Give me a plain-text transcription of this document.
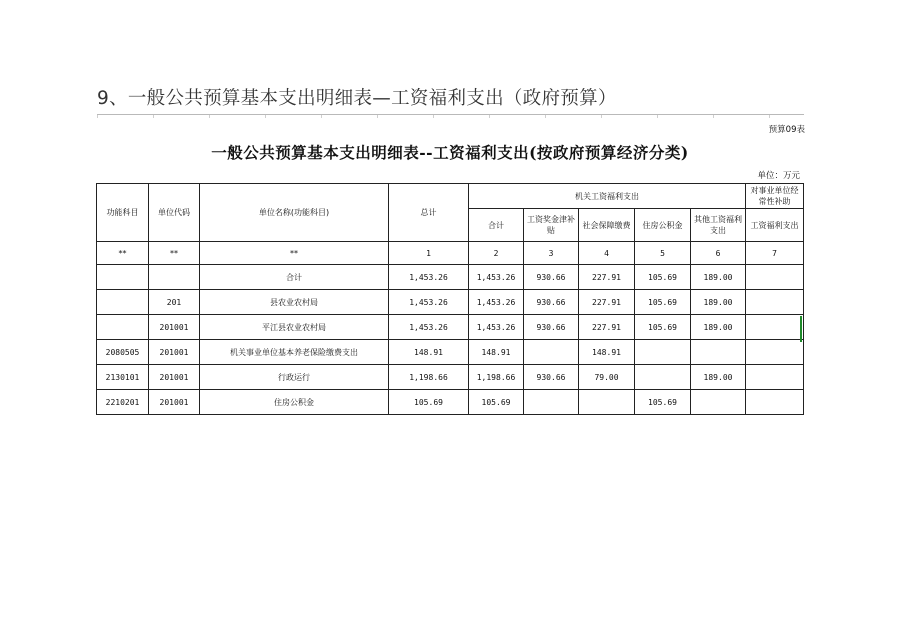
9、一般公共预算基本支出明细表—工资福利支出（政府预算）
预算09表
一般公共预算基本支出明细表--工资福利支出(按政府预算经济分类)
单位：万元
功能科目	单位代码	单位名称(功能科目)	总计	机关工资福利支出					对事业单位经常性补助
				合计	工资奖金津补贴	社会保障缴费	住房公积金	其他工资福利支出	工资福利支出
**	**	**	1	2	3	4	5	6	7
		合计	1,453.26	1,453.26	930.66	227.91	105.69	189.00	
	201	县农业农村局	1,453.26	1,453.26	930.66	227.91	105.69	189.00	
	201001	平江县农业农村局	1,453.26	1,453.26	930.66	227.91	105.69	189.00	
2080505	201001	机关事业单位基本养老保险缴费支出	148.91	148.91		148.91			
2130101	201001	行政运行	1,198.66	1,198.66	930.66	79.00		189.00	
2210201	201001	住房公积金	105.69	105.69			105.69		
